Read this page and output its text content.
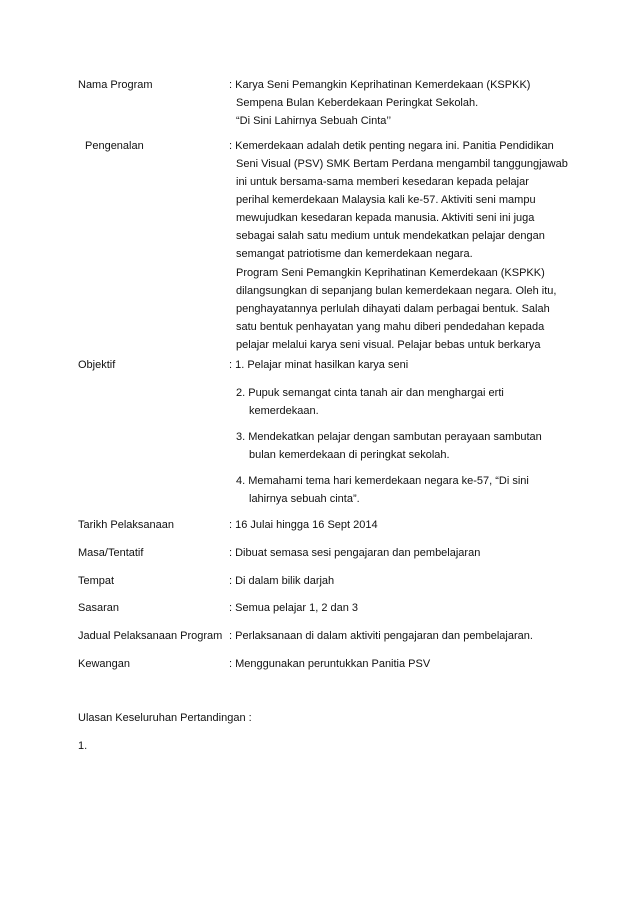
Nama Program	: Karya Seni Pemangkin Keprihatinan Kemerdekaan (KSPKK)
Sempena Bulan Keberdekaan Peringkat Sekolah.
“Di Sini Lahirnya Sebuah Cinta’’
Pengenalan	: Kemerdekaan adalah detik penting negara ini. Panitia Pendidikan
Seni Visual (PSV) SMK Bertam Perdana mengambil tanggungjawab
ini untuk bersama-sama memberi kesedaran kepada pelajar
perihal kemerdekaan Malaysia kali ke-57. Aktiviti seni mampu
mewujudkan kesedaran kepada manusia. Aktiviti seni ini juga
sebagai salah satu medium untuk mendekatkan pelajar dengan
semangat patriotisme dan kemerdekaan negara.
Program Seni Pemangkin Keprihatinan Kemerdekaan (KSPKK)
dilangsungkan di sepanjang bulan kemerdekaan negara. Oleh itu,
penghayatannya perlulah dihayati dalam perbagai bentuk. Salah
satu bentuk penhayatan yang mahu diberi pendedahan kepada
pelajar melalui karya seni visual. Pelajar bebas untuk berkarya
Objektif	: 1. Pelajar minat hasilkan karya seni
2. Pupuk semangat cinta tanah air dan menghargai erti
kemerdekaan.
3. Mendekatkan pelajar dengan sambutan perayaan sambutan
bulan kemerdekaan di peringkat sekolah.
4. Memahami tema hari kemerdekaan negara ke-57, “Di sini
lahirnya sebuah cinta”.
Tarikh Pelaksanaan	: 16 Julai hingga 16 Sept 2014
Masa/Tentatif	: Dibuat semasa sesi pengajaran dan pembelajaran
Tempat	: Di dalam bilik darjah
Sasaran	: Semua pelajar 1, 2 dan 3
Jadual Pelaksanaan Program : Perlaksanaan di dalam aktiviti pengajaran dan pembelajaran.
Kewangan	: Menggunakan peruntukkan Panitia PSV
Ulasan Keseluruhan Pertandingan :
1.
